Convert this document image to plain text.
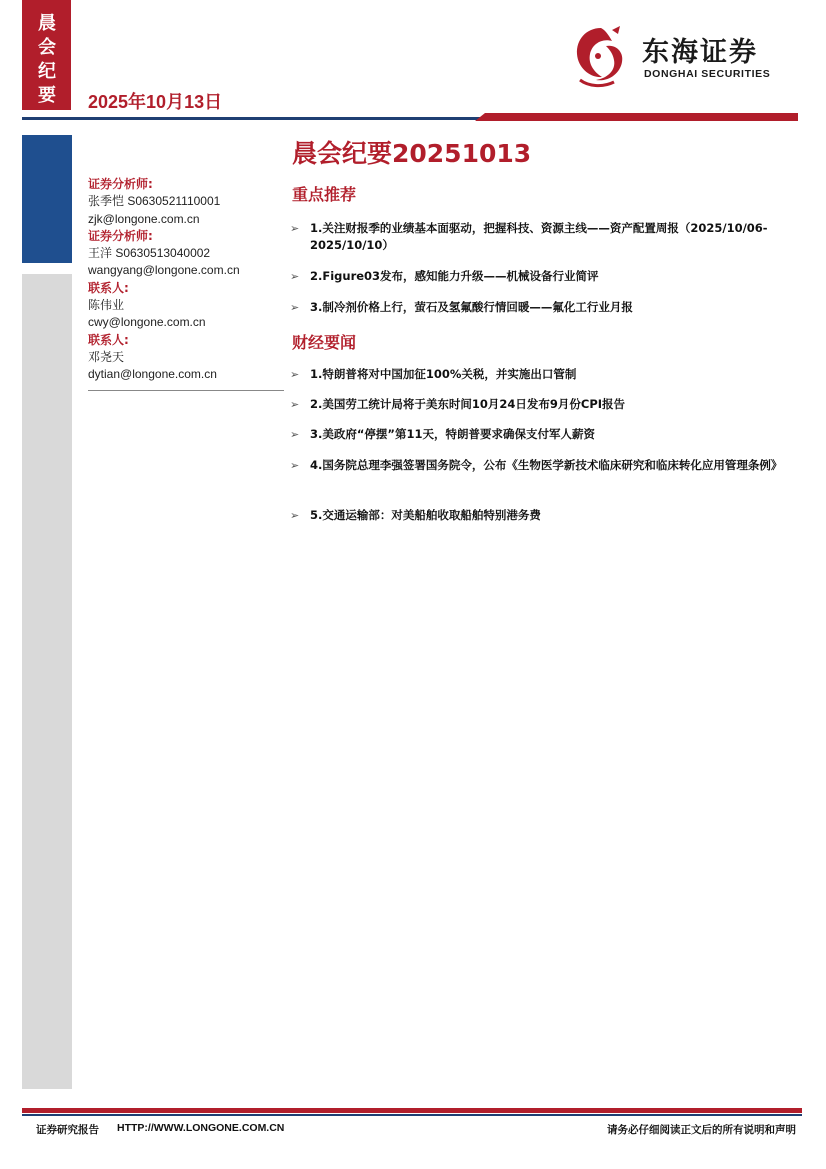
晨会纪要 2025年10月13日
东海证券
DONGHAI SECURITIES
晨会纪要20251013
证券分析师:
张季恺 S0630521110001
zjk@longone.com.cn
证券分析师:
王洋 S0630513040002
wangyang@longone.com.cn
联系人:
陈伟业
cwy@longone.com.cn
联系人:
邓尧天
dytian@longone.com.cn
重点推荐
➢ 1.关注财报季的业绩基本面驱动，把握科技、资源主线——资产配置周报（2025/10/06-2025/10/10）
➢ 2.Figure03发布，感知能力升级——机械设备行业简评
➢ 3.制冷剂价格上行，萤石及氢氟酸行情回暖——氟化工行业月报
财经要闻
➢ 1.特朗普将对中国加征100%关税，并实施出口管制
➢ 2.美国劳工统计局将于美东时间10月24日发布9月份CPI报告
➢ 3.美政府“停摆”第11天，特朗普要求确保支付军人薪资
➢ 4.国务院总理李强签署国务院令，公布《生物医学新技术临床研究和临床转化应用管理条例》
➢ 5.交通运输部：对美船舶收取船舶特别港务费
证券研究报告 HTTP://WWW.LONGONE.COM.CN	请务必仔细阅读正文后的所有说明和声明
